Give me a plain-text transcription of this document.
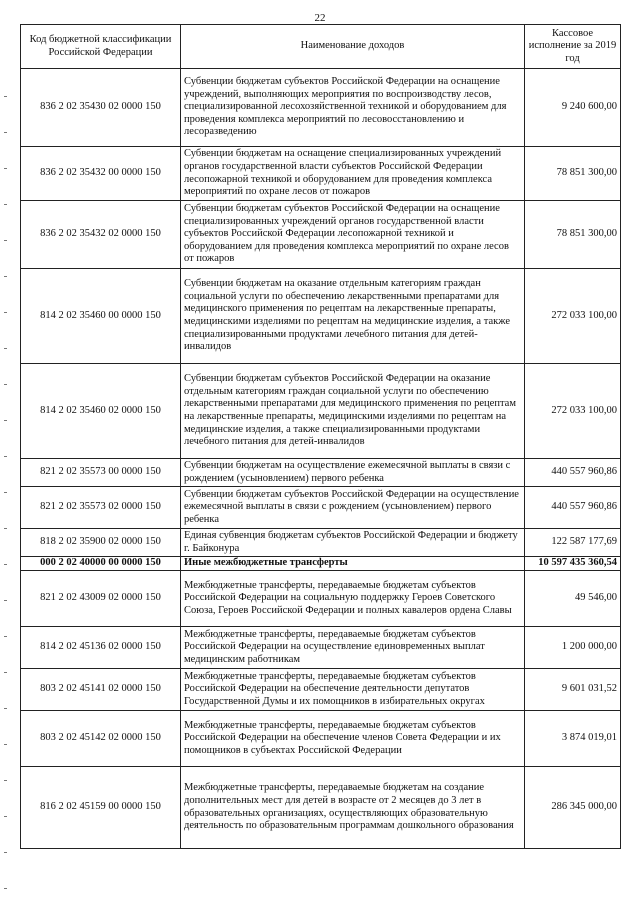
22
Код бюджетной классификации Российской Федерации	Наименование доходов	Кассовое исполнение за 2019 год
836 2 02 35430 02 0000 150	Субвенции бюджетам субъектов Российской Федерации на оснащение учреждений, выполняющих мероприятия по воспроизводству лесов, специализированной лесохозяйственной техникой и оборудованием для проведения комплекса мероприятий по лесовосстановлению и лесоразведению	9 240 600,00
836 2 02 35432 00 0000 150	Субвенции бюджетам на оснащение специализированных учреждений органов государственной власти субъектов Российской Федерации лесопожарной техникой и оборудованием для проведения комплекса мероприятий по охране лесов от пожаров	78 851 300,00
836 2 02 35432 02 0000 150	Субвенции бюджетам субъектов Российской Федерации на оснащение специализированных учреждений органов государственной власти субъектов Российской Федерации лесопожарной техникой и оборудованием для проведения комплекса мероприятий по охране лесов от пожаров	78 851 300,00
814 2 02 35460 00 0000 150	Субвенции бюджетам на оказание отдельным категориям граждан социальной услуги по обеспечению лекарственными препаратами для медицинского применения по рецептам на лекарственные препараты, медицинскими изделиями по рецептам на медицинские изделия, а также специализированными продуктами лечебного питания для детей-инвалидов	272 033 100,00
814 2 02 35460 02 0000 150	Субвенции бюджетам субъектов Российской Федерации на оказание отдельным категориям граждан социальной услуги по обеспечению лекарственными препаратами для медицинского применения по рецептам на лекарственные препараты, медицинскими изделиями по рецептам на медицинские изделия, а также специализированными продуктами лечебного питания для детей-инвалидов	272 033 100,00
821 2 02 35573 00 0000 150	Субвенции бюджетам на осуществление ежемесячной выплаты в связи с рождением (усыновлением) первого ребенка	440 557 960,86
821 2 02 35573 02 0000 150	Субвенции бюджетам субъектов Российской Федерации на осуществление ежемесячной выплаты в связи с рождением (усыновлением) первого ребенка	440 557 960,86
818 2 02 35900 02 0000 150	Единая субвенция бюджетам субъектов Российской Федерации и бюджету г. Байконура	122 587 177,69
000 2 02 40000 00 0000 150	Иные межбюджетные трансферты	10 597 435 360,54
821 2 02 43009 02 0000 150	Межбюджетные трансферты, передаваемые бюджетам субъектов Российской Федерации на социальную поддержку Героев Советского Союза, Героев Российской Федерации и полных кавалеров ордена Славы	49 546,00
814 2 02 45136 02 0000 150	Межбюджетные трансферты, передаваемые бюджетам субъектов Российской Федерации на осуществление единовременных выплат медицинским работникам	1 200 000,00
803 2 02 45141 02 0000 150	Межбюджетные трансферты, передаваемые бюджетам субъектов Российской Федерации на обеспечение деятельности депутатов Государственной Думы и их помощников в избирательных округах	9 601 031,52
803 2 02 45142 02 0000 150	Межбюджетные трансферты, передаваемые бюджетам субъектов Российской Федерации на обеспечение членов Совета Федерации и их помощников в субъектах Российской Федерации	3 874 019,01
816 2 02 45159 00 0000 150	Межбюджетные трансферты, передаваемые бюджетам на создание дополнительных мест для детей в возрасте от 2 месяцев до 3 лет в образовательных организациях, осуществляющих образовательную деятельность по образовательным программам дошкольного образования	286 345 000,00
